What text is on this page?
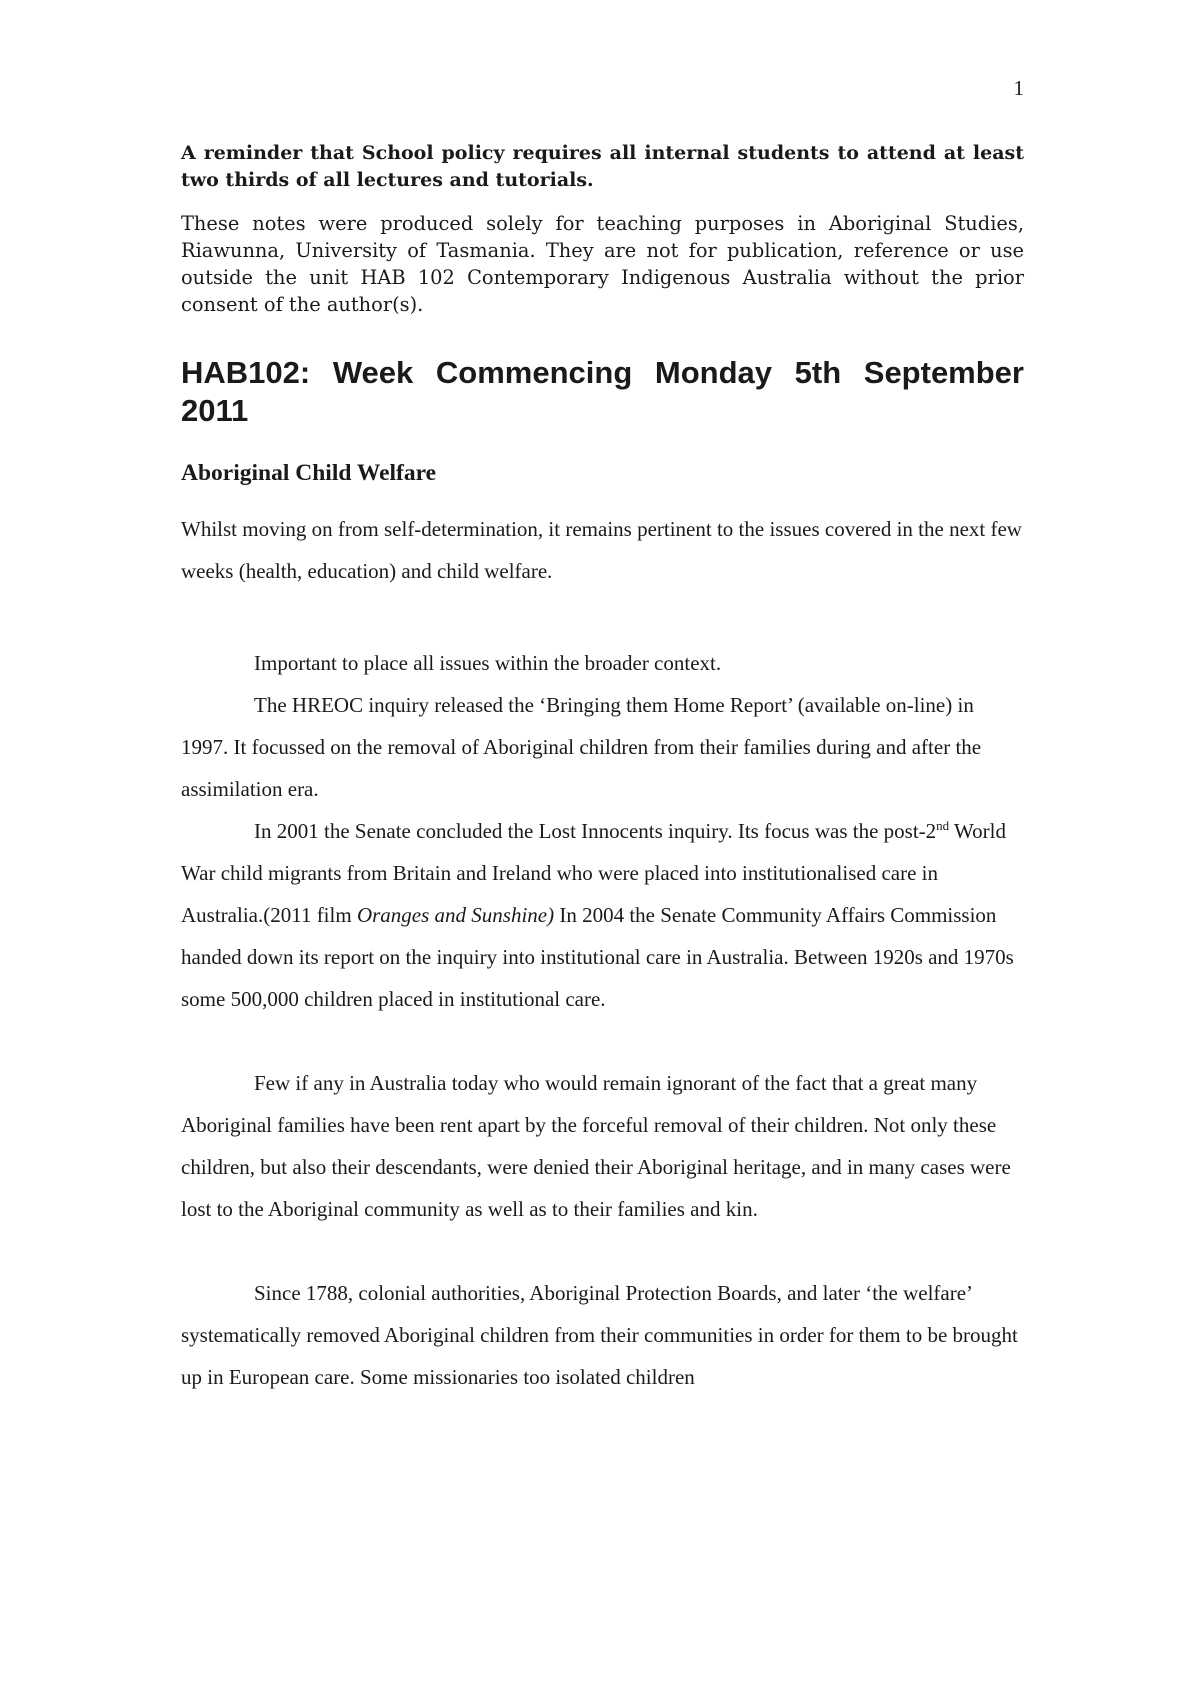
1

A reminder that School policy requires all internal students to attend at least two thirds of all lectures and tutorials.

These notes were produced solely for teaching purposes in Aboriginal Studies, Riawunna, University of Tasmania. They are not for publication, reference or use outside the unit HAB 102 Contemporary Indigenous Australia without the prior consent of the author(s).

HAB102: Week Commencing Monday 5th September 2011
Aboriginal Child Welfare

Whilst moving on from self-determination, it remains pertinent to the issues covered in the next few weeks (health, education) and child welfare.

Important to place all issues within the broader context.

The HREOC inquiry released the ‘Bringing them Home Report’ (available on-line) in 1997. It focussed on the removal of Aboriginal children from their families during and after the assimilation era.

In 2001 the Senate concluded the Lost Innocents inquiry. Its focus was the post-2nd World War child migrants from Britain and Ireland who were placed into institutionalised care in Australia.(2011 film Oranges and Sunshine) In 2004 the Senate Community Affairs Commission handed down its report on the inquiry into institutional care in Australia. Between 1920s and 1970s some 500,000 children placed in institutional care.

Few if any in Australia today who would remain ignorant of the fact that a great many Aboriginal families have been rent apart by the forceful removal of their children. Not only these children, but also their descendants, were denied their Aboriginal heritage, and in many cases were lost to the Aboriginal community as well as to their families and kin.

Since 1788, colonial authorities, Aboriginal Protection Boards, and later ‘the welfare’ systematically removed Aboriginal children from their communities in order for them to be brought up in European care. Some missionaries too isolated children
